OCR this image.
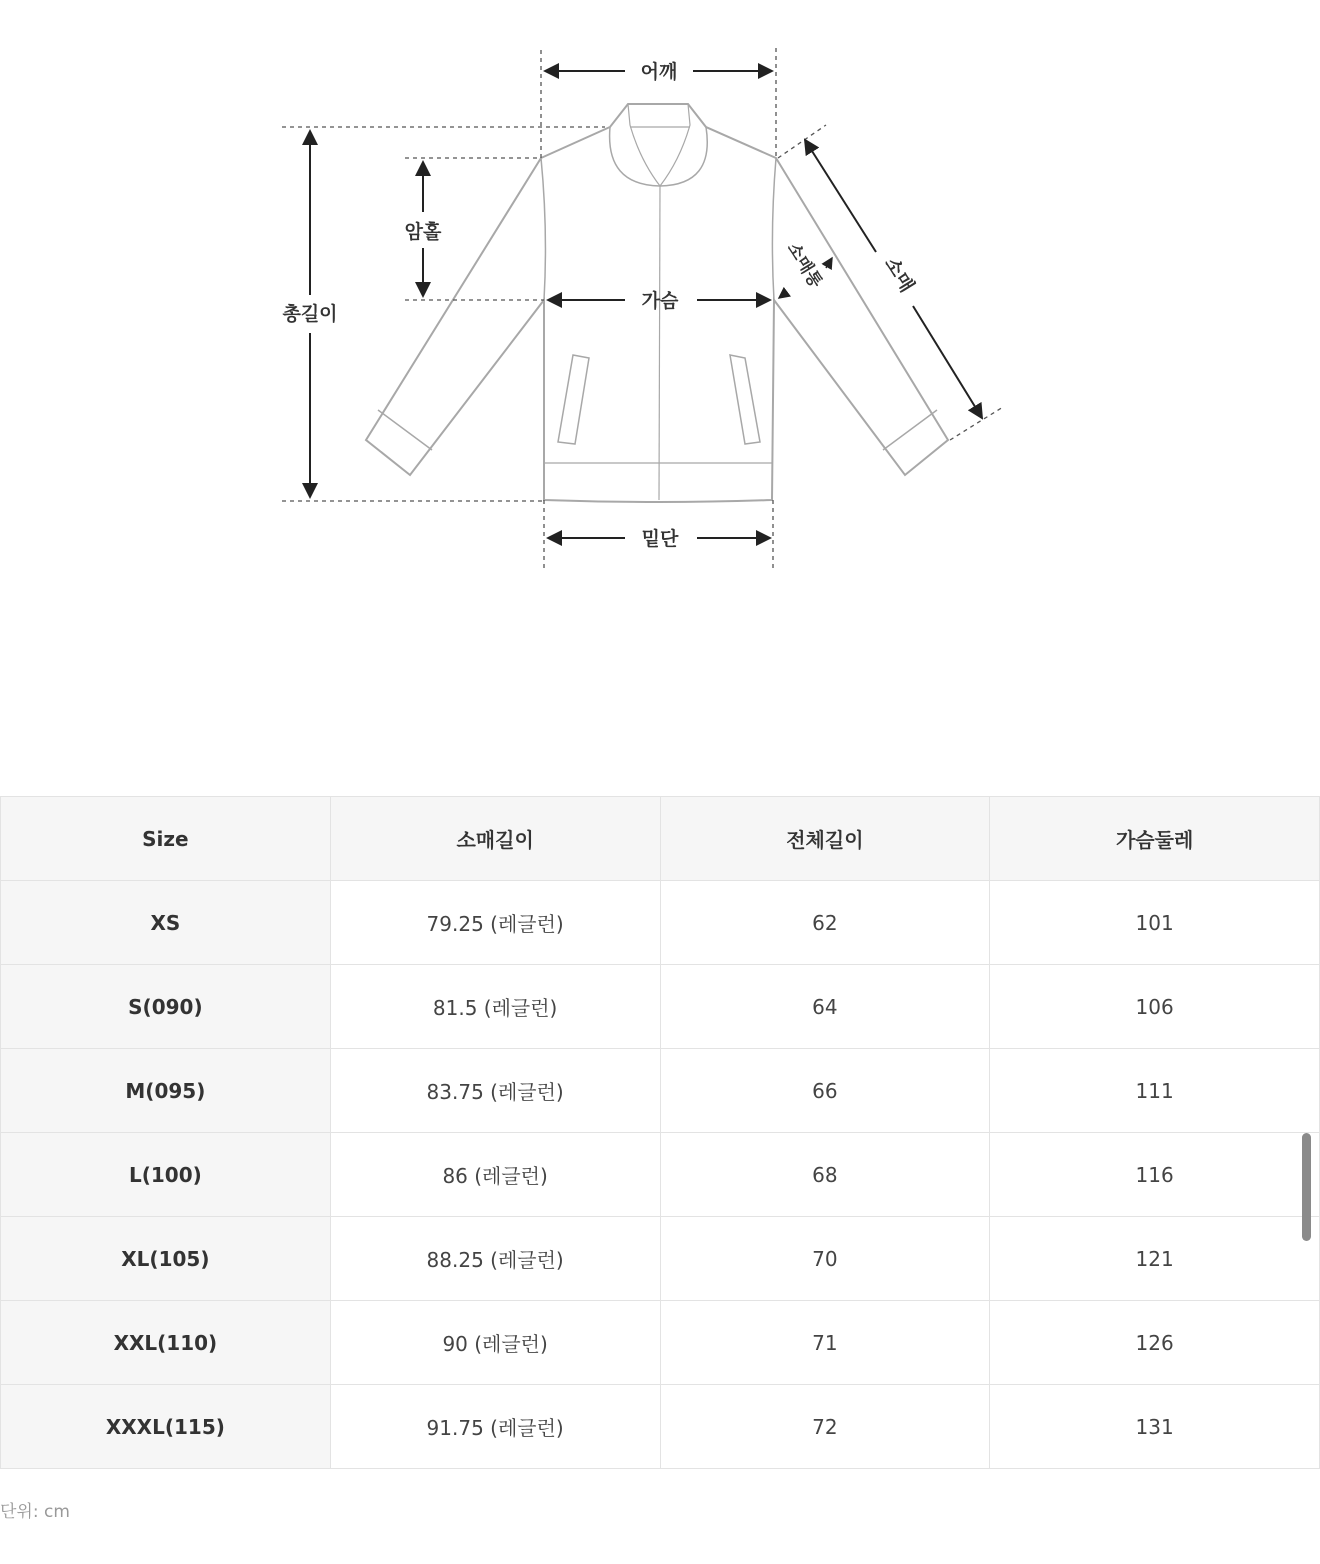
어깨
암홀
총길이
가슴
소매통	소매
밑단
Size	소매길이	전체길이	가슴둘레
XS	79.25 (레글런)	62	101
S(090)	81.5 (레글런)	64	106
M(095)	83.75 (레글런)	66	111
L(100)	86 (레글런)	68	116
XL(105)	88.25 (레글런)	70	121
XXL(110)	90 (레글런)	71	126
XXXL(115)	91.75 (레글런)	72	131
단위: cm
